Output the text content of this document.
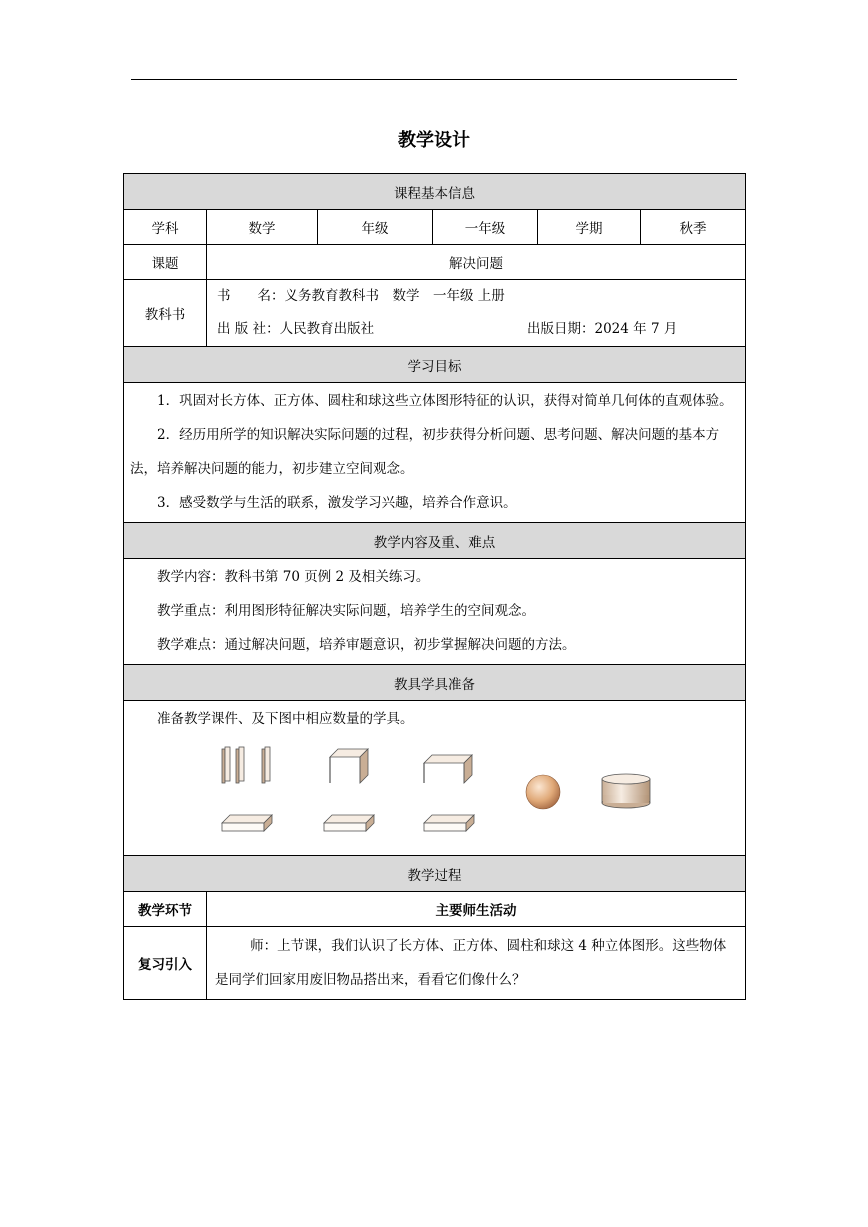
教学设计
课程基本信息					
学科	数学	年级	一年级	学期	秋季
课题	解决问题				
教科书	书　　名：义务教育教科书　数学　一年级 上册
出 版 社：人民教育出版社 出版日期：2024 年 7 月				

学习目标					

1．巩固对长方体、正方体、圆柱和球这些立体图形特征的认识，获得对简单几何体的直观体验。
2．经历用所学的知识解决实际问题的过程，初步获得分析问题、思考问题、解决问题的基本方法，培养解决问题的能力，初步建立空间观念。
3．感受数学与生活的联系，激发学习兴趣，培养合作意识。					

教学内容及重、难点					

教学内容：教科书第 70 页例 2 及相关练习。
教学重点：利用图形特征解决实际问题，培养学生的空间观念。
教学难点：通过解决问题，培养审题意识，初步掌握解决问题的方法。					

教具学具准备					

准备教学课件、及下图中相应数量的学具。					

教学过程					
教学环节	主要师生活动				
复习引入	师：上节课，我们认识了长方体、正方体、圆柱和球这 4 种立体图形。这些物体是同学们回家用废旧物品搭出来，看看它们像什么？				
